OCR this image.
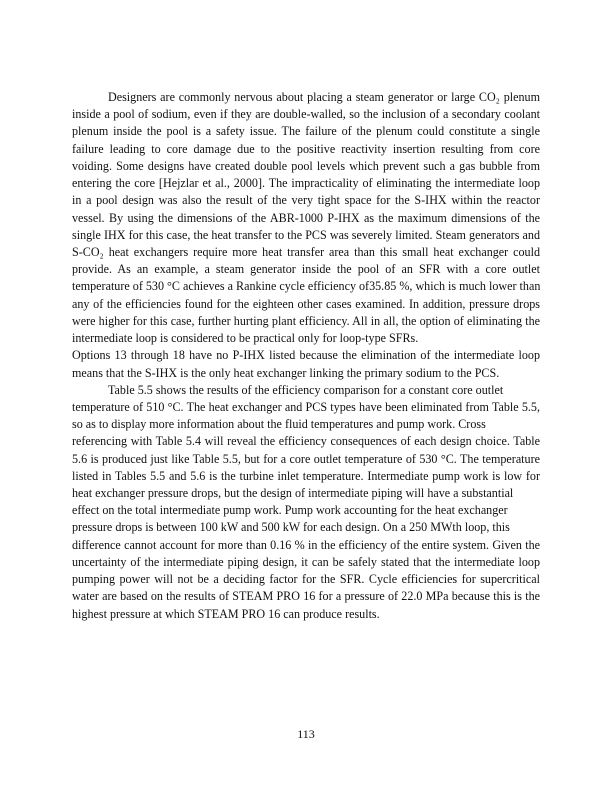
Designers are commonly nervous about placing a steam generator or large CO₂ plenum
inside a pool of sodium, even if they are double-walled, so the inclusion of a secondary coolant
plenum inside the pool is a safety issue. The failure of the plenum could constitute a single
failure leading to core damage due to the positive reactivity insertion resulting from core
voiding. Some designs have created double pool levels which prevent such a gas bubble from
entering the core [Hejzlar et al., 2000]. The impracticality of eliminating the intermediate loop
in a pool design was also the result of the very tight space for the S-IHX within the reactor
vessel. By using the dimensions of the ABR-1000 P-IHX as the maximum dimensions of the
single IHX for this case, the heat transfer to the PCS was severely limited. Steam generators and
S-CO₂ heat exchangers require more heat transfer area than this small heat exchanger could
provide. As an example, a steam generator inside the pool of an SFR with a core outlet
temperature of 530 °C achieves a Rankine cycle efficiency of35.85 %, which is much lower than
any of the efficiencies found for the eighteen other cases examined. In addition, pressure drops
were higher for this case, further hurting plant efficiency. All in all, the option of eliminating the
intermediate loop is considered to be practical only for loop-type SFRs.
Options 13 through 18 have no P-IHX listed because the elimination of the intermediate loop
means that the S-IHX is the only heat exchanger linking the primary sodium to the PCS.
Table 5.5 shows the results of the efficiency comparison for a constant core outlet
temperature of 510 °C. The heat exchanger and PCS types have been eliminated from Table 5.5,
so as to display more information about the fluid temperatures and pump work. Cross
referencing with Table 5.4 will reveal the efficiency consequences of each design choice. Table
5.6 is produced just like Table 5.5, but for a core outlet temperature of 530 °C. The temperature
listed in Tables 5.5 and 5.6 is the turbine inlet temperature. Intermediate pump work is low for
heat exchanger pressure drops, but the design of intermediate piping will have a substantial
effect on the total intermediate pump work. Pump work accounting for the heat exchanger
pressure drops is between 100 kW and 500 kW for each design. On a 250 MWth loop, this
difference cannot account for more than 0.16 % in the efficiency of the entire system. Given the
uncertainty of the intermediate piping design, it can be safely stated that the intermediate loop
pumping power will not be a deciding factor for the SFR. Cycle efficiencies for supercritical
water are based on the results of STEAM PRO 16 for a pressure of 22.0 MPa because this is the
highest pressure at which STEAM PRO 16 can produce results.
113
